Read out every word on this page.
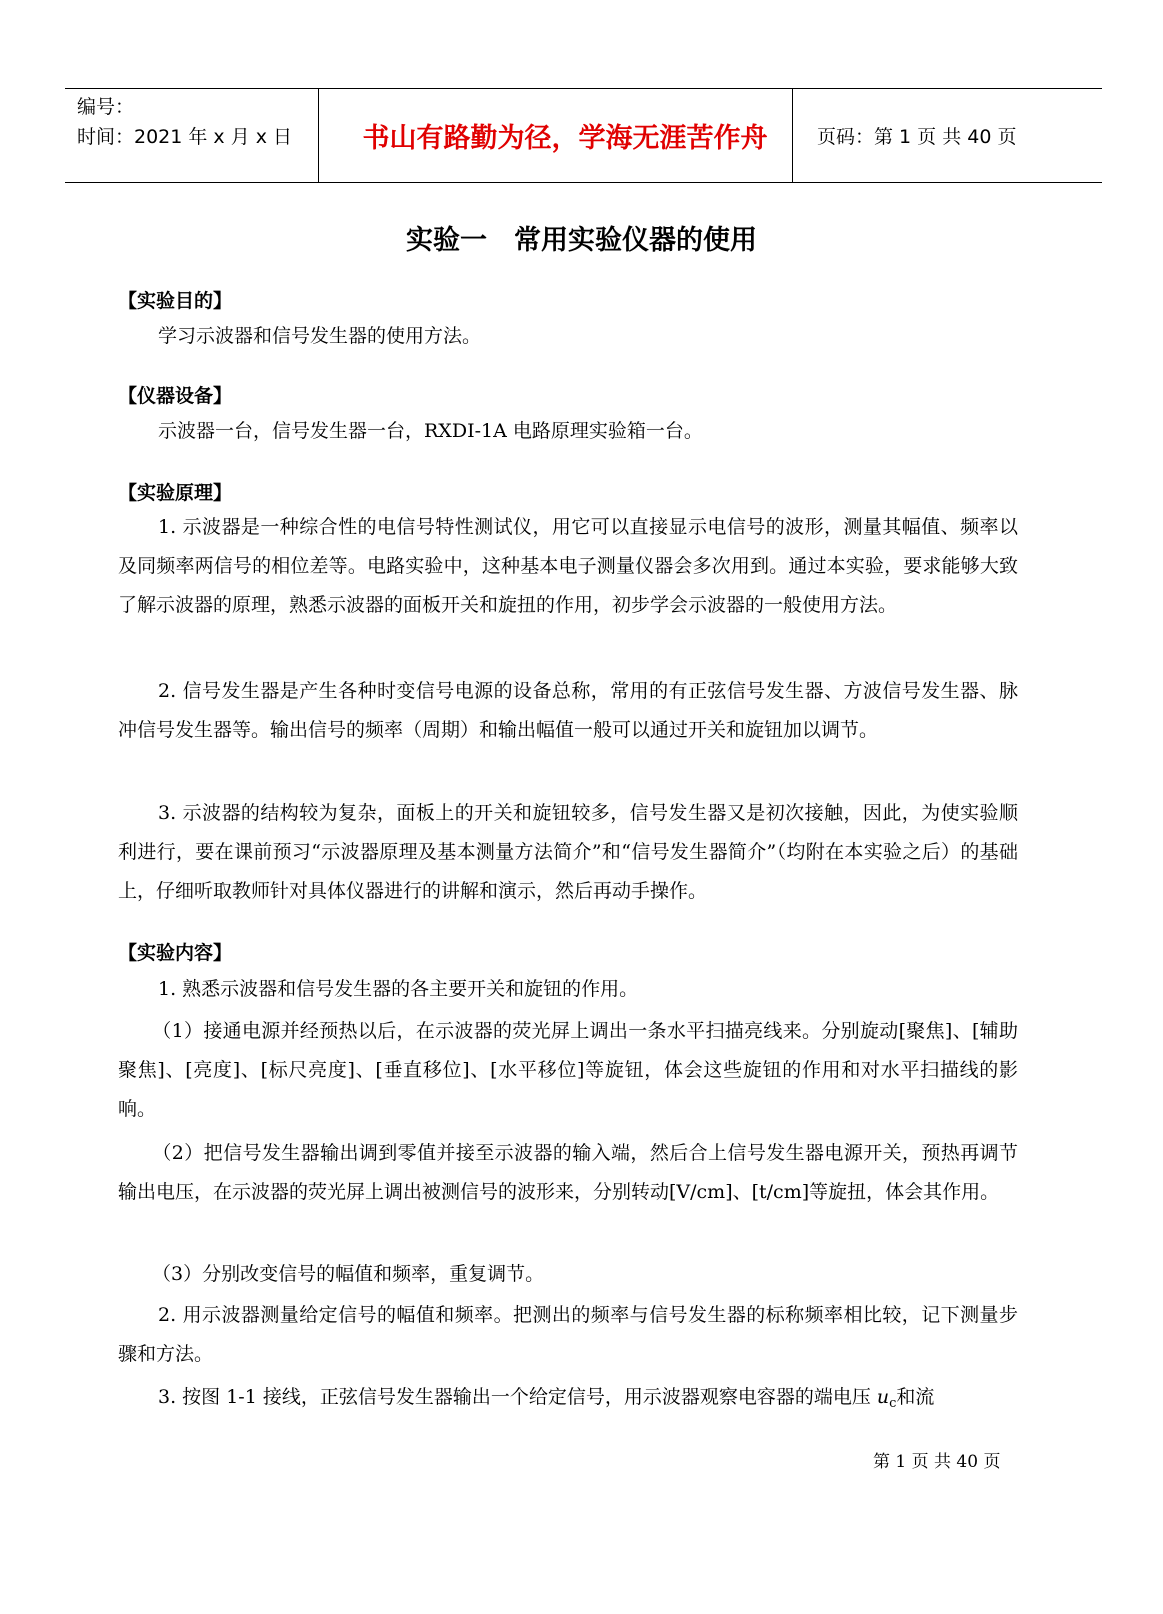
编号：
时间：2021 年 x 月 x 日	书山有路勤为径，学海无涯苦作舟	页码：第 1 页 共 40 页
实验一　常用实验仪器的使用
【实验目的】
学习示波器和信号发生器的使用方法。
【仪器设备】
示波器一台，信号发生器一台，RXDI-1A 电路原理实验箱一台。
【实验原理】
1. 示波器是一种综合性的电信号特性测试仪，用它可以直接显示电信号的波形，测量其幅值、频率以及同频率两信号的相位差等。电路实验中，这种基本电子测量仪器会多次用到。通过本实验，要求能够大致了解示波器的原理，熟悉示波器的面板开关和旋扭的作用，初步学会示波器的一般使用方法。
2. 信号发生器是产生各种时变信号电源的设备总称，常用的有正弦信号发生器、方波信号发生器、脉冲信号发生器等。输出信号的频率（周期）和输出幅值一般可以通过开关和旋钮加以调节。
3. 示波器的结构较为复杂，面板上的开关和旋钮较多，信号发生器又是初次接触，因此，为使实验顺利进行，要在课前预习“示波器原理及基本测量方法简介”和“信号发生器简介”（均附在本实验之后）的基础上，仔细听取教师针对具体仪器进行的讲解和演示，然后再动手操作。
【实验内容】
1. 熟悉示波器和信号发生器的各主要开关和旋钮的作用。
（1）接通电源并经预热以后，在示波器的荧光屏上调出一条水平扫描亮线来。分别旋动[聚焦]、[辅助聚焦]、[亮度]、[标尺亮度]、[垂直移位]、[水平移位]等旋钮，体会这些旋钮的作用和对水平扫描线的影响。
（2）把信号发生器输出调到零值并接至示波器的输入端，然后合上信号发生器电源开关，预热再调节输出电压，在示波器的荧光屏上调出被测信号的波形来，分别转动[V/cm]、[t/cm]等旋扭，体会其作用。
（3）分别改变信号的幅值和频率，重复调节。
2. 用示波器测量给定信号的幅值和频率。把测出的频率与信号发生器的标称频率相比较，记下测量步骤和方法。
3. 按图 1-1 接线，正弦信号发生器输出一个给定信号，用示波器观察电容器的端电压 $u_c$和流
第 1 页 共 40 页
